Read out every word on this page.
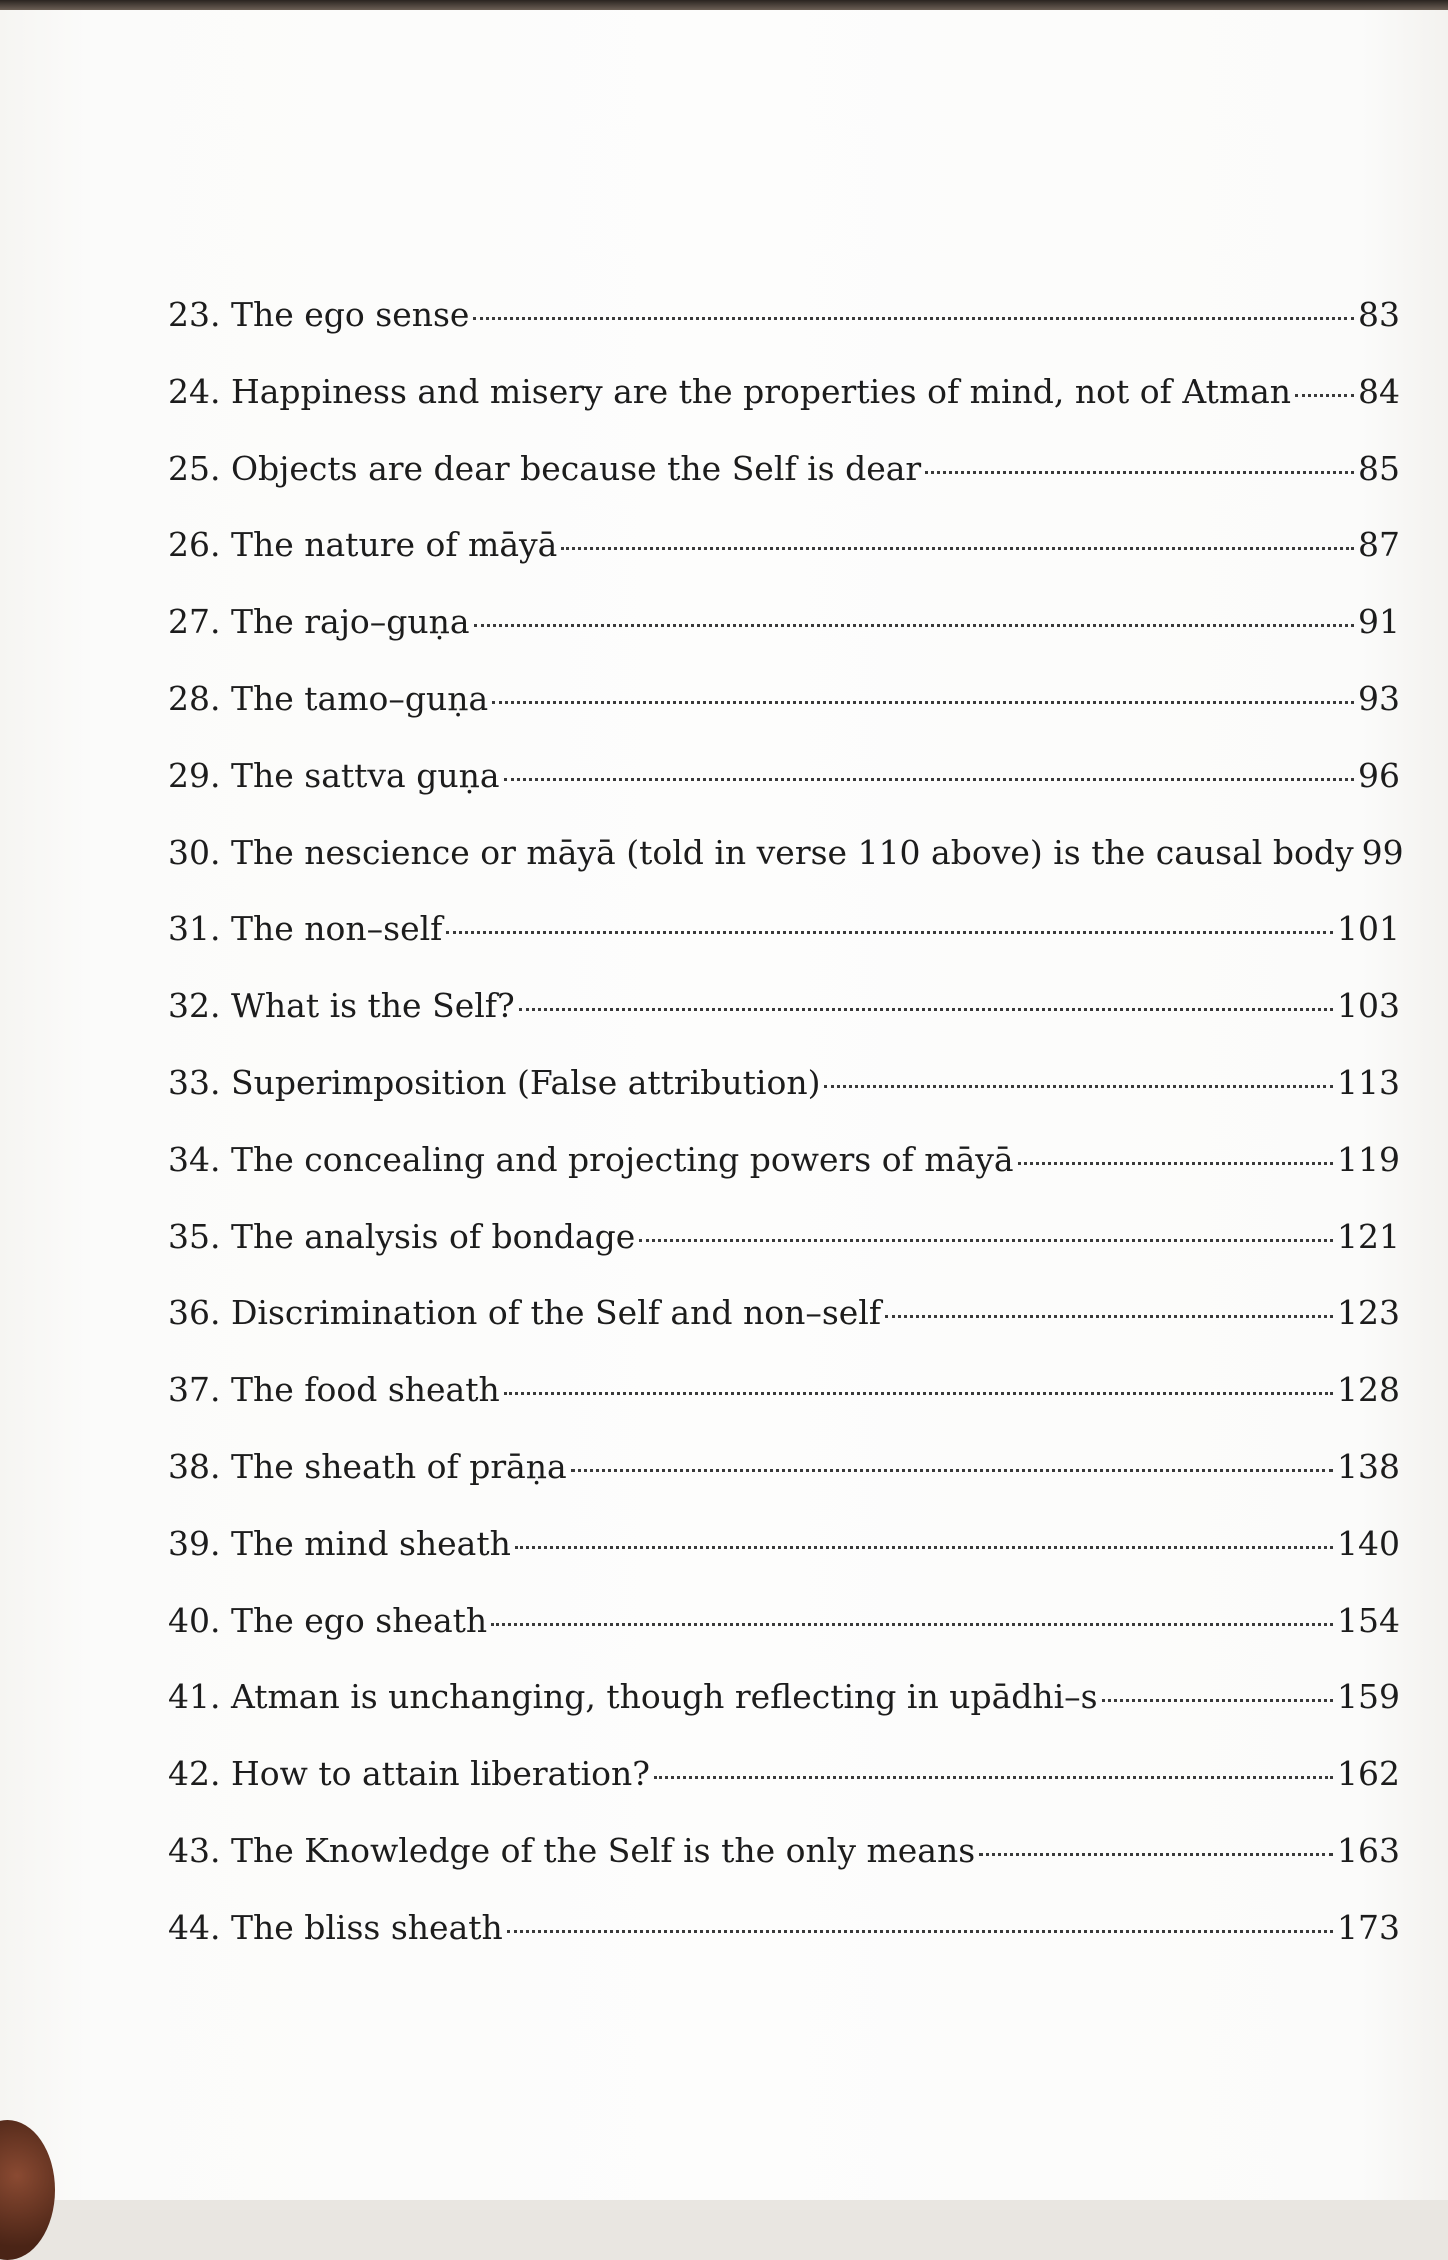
23. The ego sense	83
24. Happiness and misery are the properties of mind, not of Atman 84
25. Objects are dear because the Self is dear	85
26. The nature of māyā	87
27. The rajo–guṇa	91
28. The tamo–guṇa	93
29. The sattva guṇa	96
30. The nescience or māyā (told in verse 110 above) is the causal body 99
31. The non–self	101
32. What is the Self?	103
33. Superimposition (False attribution)	113
34. The concealing and projecting powers of māyā	119
35. The analysis of bondage	121
36. Discrimination of the Self and non–self	123
37. The food sheath	128
38. The sheath of prāṇa	138
39. The mind sheath	140
40. The ego sheath	154
41. Atman is unchanging, though reflecting in upādhi–s	159
42. How to attain liberation?	162
43. The Knowledge of the Self is the only means	163
44. The bliss sheath	173
